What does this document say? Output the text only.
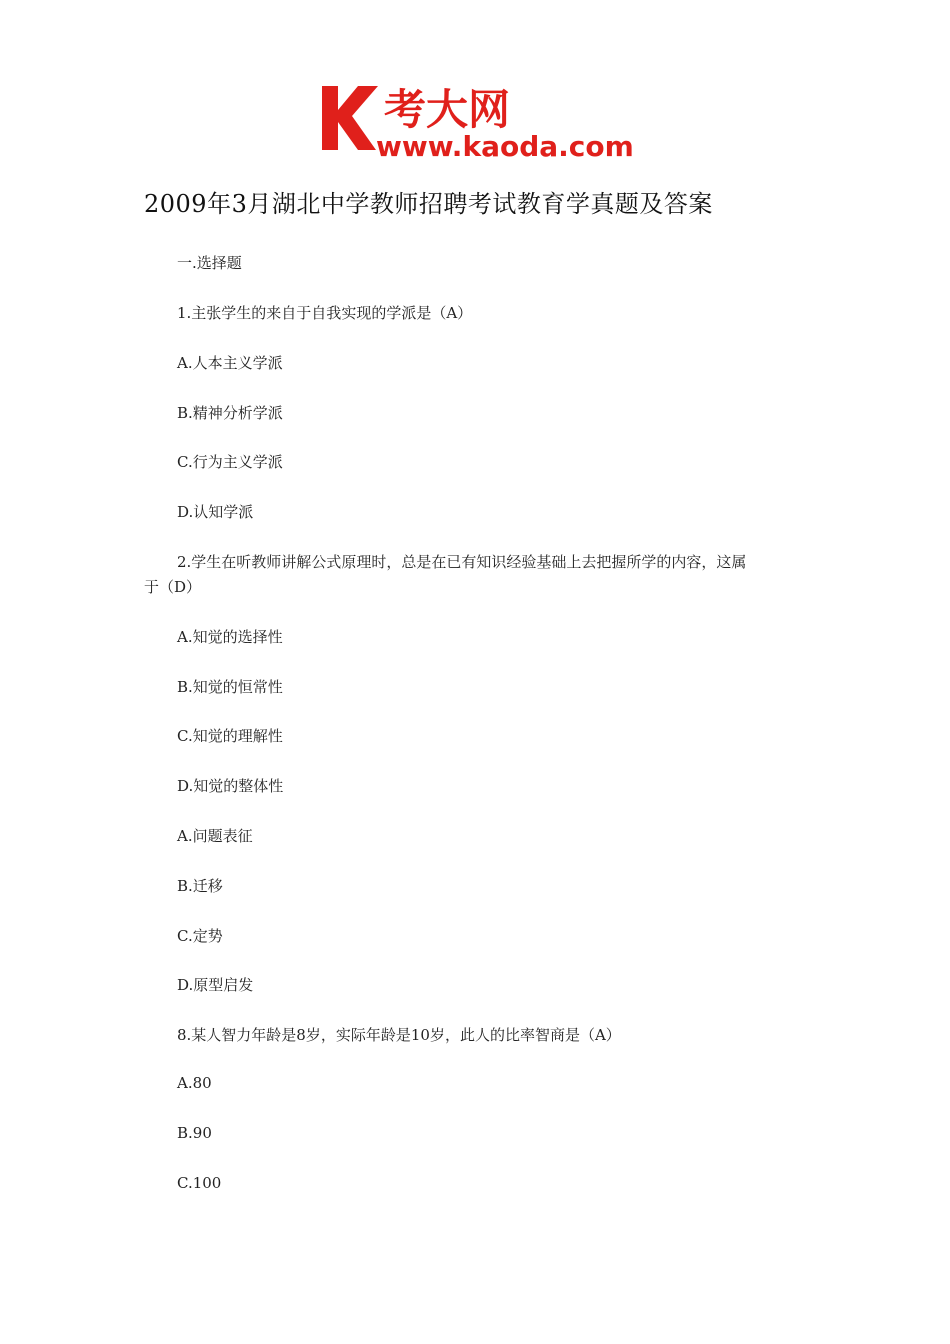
考大网
www.kaoda.com
2009年3月湖北中学教师招聘考试教育学真题及答案
一.选择题
1.主张学生的来自于自我实现的学派是（A）
A.人本主义学派
B.精神分析学派
C.行为主义学派
D.认知学派
2.学生在听教师讲解公式原理时，总是在已有知识经验基础上去把握所学的内容，这属
于（D）
A.知觉的选择性
B.知觉的恒常性
C.知觉的理解性
D.知觉的整体性
A.问题表征
B.迁移
C.定势
D.原型启发
8.某人智力年龄是8岁，实际年龄是10岁，此人的比率智商是（A）
A.80
B.90
C.100
